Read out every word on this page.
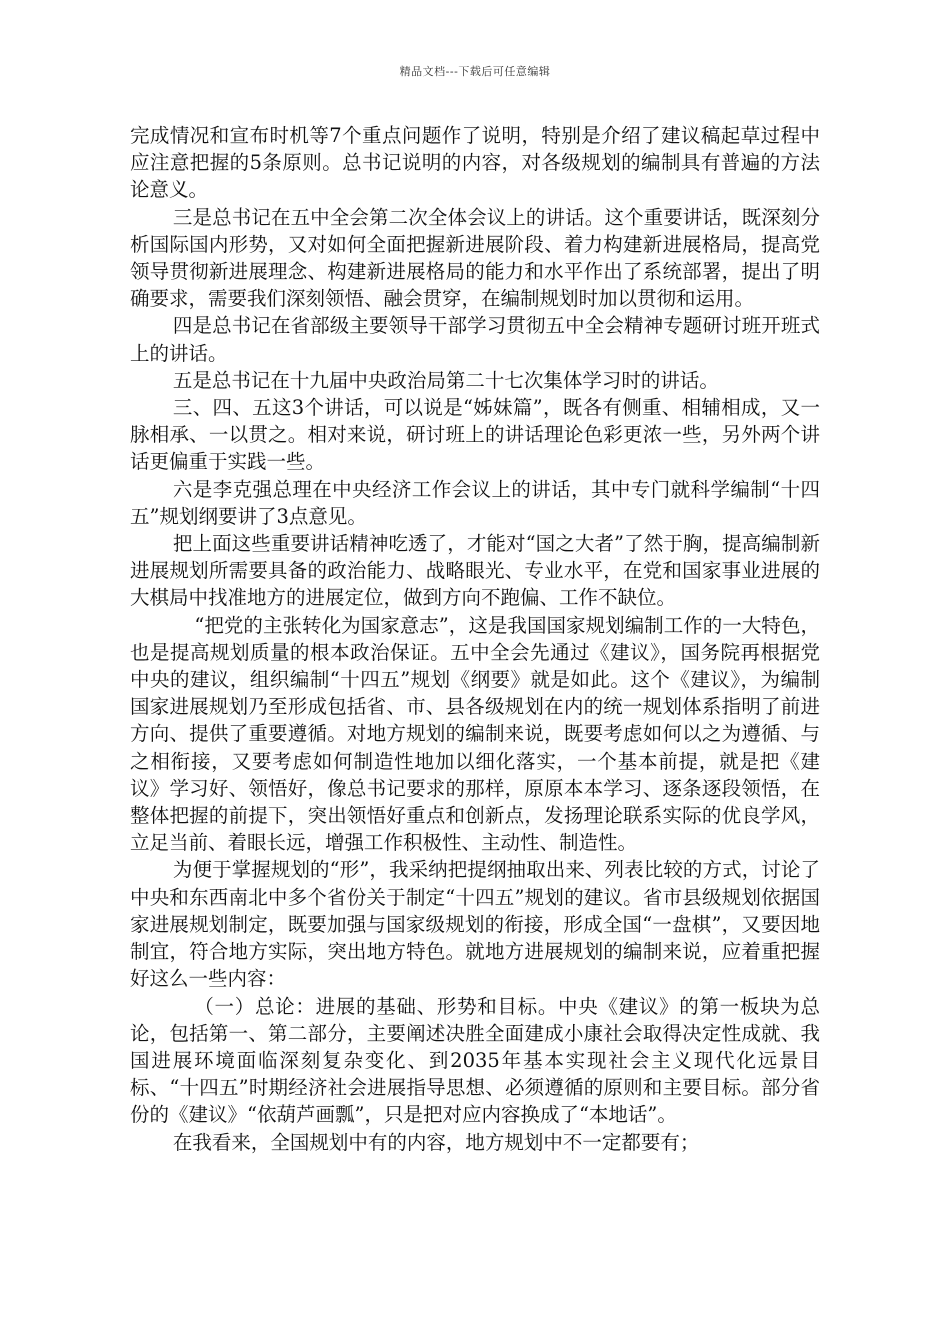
精品文档---下载后可任意编辑

完成情况和宣布时机等7个重点问题作了说明，特别是介绍了建议稿起草过程中应注意把握的5条原则。总书记说明的内容，对各级规划的编制具有普遍的方法论意义。

三是总书记在五中全会第二次全体会议上的讲话。这个重要讲话，既深刻分析国际国内形势，又对如何全面把握新进展阶段、着力构建新进展格局，提高党领导贯彻新进展理念、构建新进展格局的能力和水平作出了系统部署，提出了明确要求，需要我们深刻领悟、融会贯穿，在编制规划时加以贯彻和运用。

四是总书记在省部级主要领导干部学习贯彻五中全会精神专题研讨班开班式上的讲话。

五是总书记在十九届中央政治局第二十七次集体学习时的讲话。

三、四、五这3个讲话，可以说是“姊妹篇”，既各有侧重、相辅相成，又一脉相承、一以贯之。相对来说，研讨班上的讲话理论色彩更浓一些，另外两个讲话更偏重于实践一些。

六是李克强总理在中央经济工作会议上的讲话，其中专门就科学编制“十四五”规划纲要讲了3点意见。

把上面这些重要讲话精神吃透了，才能对“国之大者”了然于胸，提高编制新进展规划所需要具备的政治能力、战略眼光、专业水平，在党和国家事业进展的大棋局中找准地方的进展定位，做到方向不跑偏、工作不缺位。

“把党的主张转化为国家意志”，这是我国国家规划编制工作的一大特色，也是提高规划质量的根本政治保证。五中全会先通过《建议》，国务院再根据党中央的建议，组织编制“十四五”规划《纲要》就是如此。这个《建议》，为编制国家进展规划乃至形成包括省、市、县各级规划在内的统一规划体系指明了前进方向、提供了重要遵循。对地方规划的编制来说，既要考虑如何以之为遵循、与之相衔接，又要考虑如何制造性地加以细化落实，一个基本前提，就是把《建议》学习好、领悟好，像总书记要求的那样，原原本本学习、逐条逐段领悟，在整体把握的前提下，突出领悟好重点和创新点，发扬理论联系实际的优良学风，立足当前、着眼长远，增强工作积极性、主动性、制造性。

为便于掌握规划的“形”，我采纳把提纲抽取出来、列表比较的方式，讨论了中央和东西南北中多个省份关于制定“十四五”规划的建议。省市县级规划依据国家进展规划制定，既要加强与国家级规划的衔接，形成全国“一盘棋”，又要因地制宜，符合地方实际，突出地方特色。就地方进展规划的编制来说，应着重把握好这么一些内容：

（一）总论：进展的基础、形势和目标。中央《建议》的第一板块为总论，包括第一、第二部分，主要阐述决胜全面建成小康社会取得决定性成就、我国进展环境面临深刻复杂变化、到2035年基本实现社会主义现代化远景目标、“十四五”时期经济社会进展指导思想、必须遵循的原则和主要目标。部分省份的《建议》“依葫芦画瓢”，只是把对应内容换成了“本地话”。

在我看来，全国规划中有的内容，地方规划中不一定都要有；
